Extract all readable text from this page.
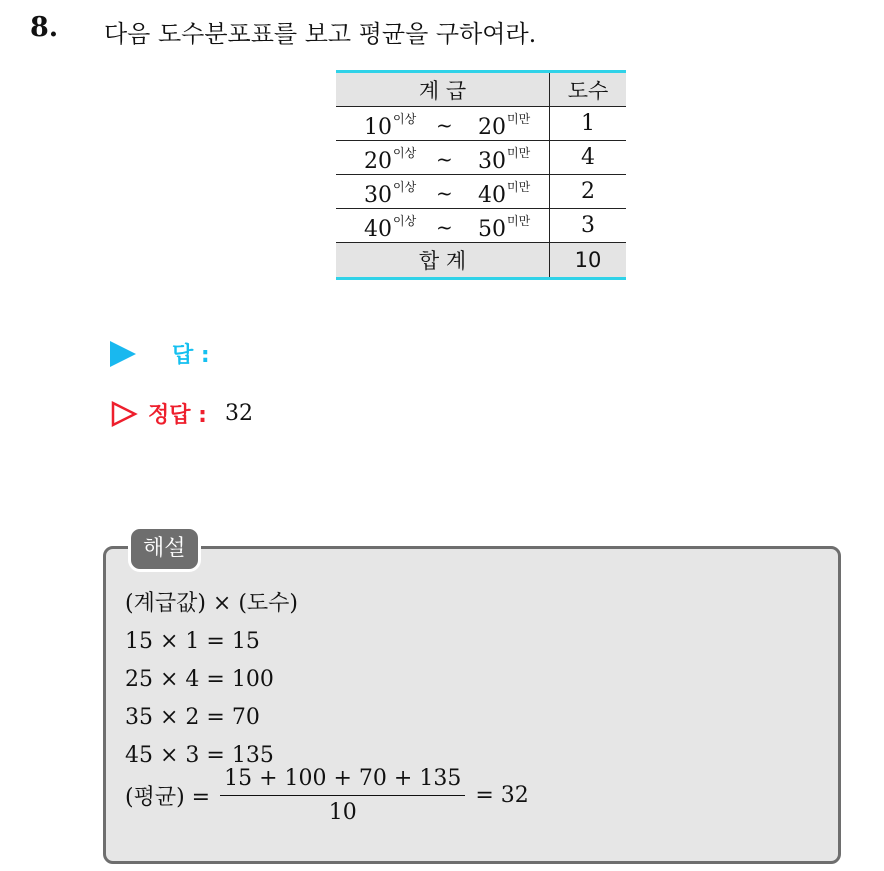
8. 다음 도수분포표를 보고 평균을 구하여라.
계 급	도수
$10^{이상}$ ~ $20^{미만}$	1
$20^{이상}$ ~ $30^{미만}$	4
$30^{이상}$ ~ $40^{미만}$	2
$40^{이상}$ ~ $50^{미만}$	3
합 계	10
답 :
정답 : 32
해설
(계급값) × (도수)
15 × 1 = 15
25 × 4 = 100
35 × 2 = 70
45 × 3 = 135
(평균) = $\frac{15 + 100 + 70 + 135}{10} = 32$
